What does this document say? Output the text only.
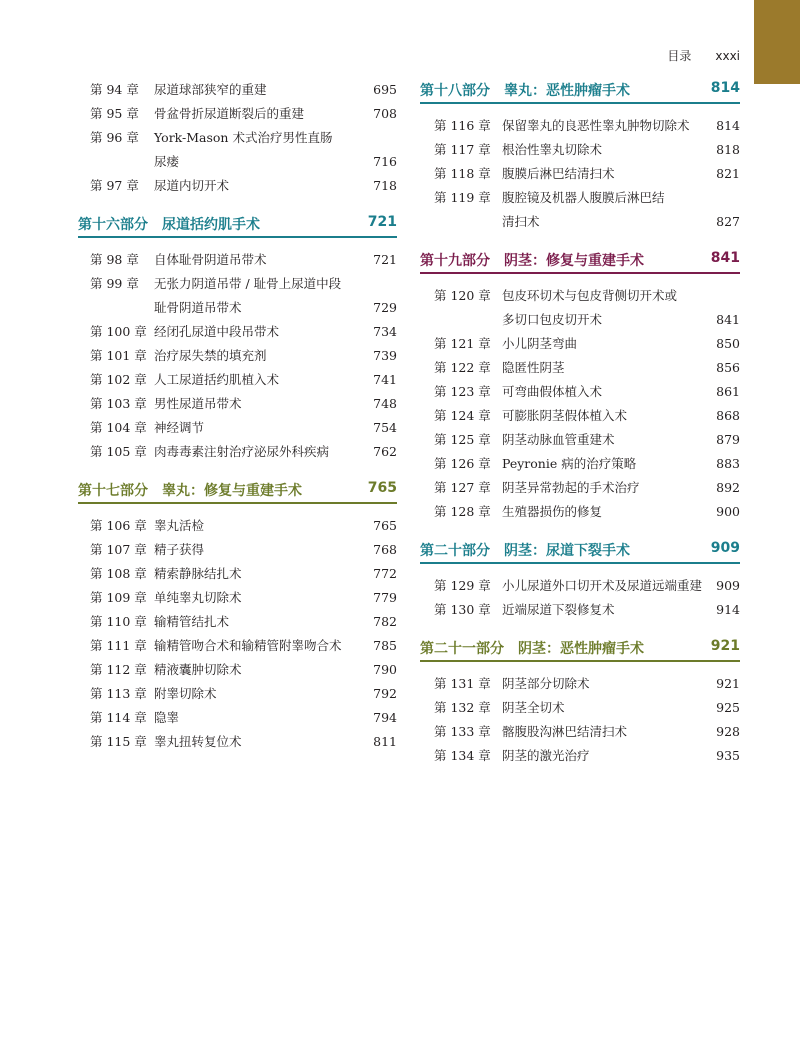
目录 xxxi
第 94 章 尿道球部狭窄的重建	695
第 95 章 骨盆骨折尿道断裂后的重建	708
第 96 章 York-Mason 术式治疗男性直肠
尿瘘	716
第 97 章 尿道内切开术	718
第十六部分　尿道括约肌手术	721
第 98 章 自体耻骨阴道吊带术	721
第 99 章 无张力阴道吊带 / 耻骨上尿道中段
耻骨阴道吊带术	729
第 100 章 经闭孔尿道中段吊带术	734
第 101 章 治疗尿失禁的填充剂	739
第 102 章 人工尿道括约肌植入术	741
第 103 章 男性尿道吊带术	748
第 104 章 神经调节	754
第 105 章 肉毒毒素注射治疗泌尿外科疾病	762
第十七部分　睾丸：修复与重建手术	765
第 106 章 睾丸活检	765
第 107 章 精子获得	768
第 108 章 精索静脉结扎术	772
第 109 章 单纯睾丸切除术	779
第 110 章 输精管结扎术	782
第 111 章 输精管吻合术和输精管附睾吻合术	785
第 112 章 精液囊肿切除术	790
第 113 章 附睾切除术	792
第 114 章 隐睾	794
第 115 章 睾丸扭转复位术	811
第十八部分　睾丸：恶性肿瘤手术	814
第 116 章 保留睾丸的良恶性睾丸肿物切除术	814
第 117 章 根治性睾丸切除术	818
第 118 章 腹膜后淋巴结清扫术	821
第 119 章 腹腔镜及机器人腹膜后淋巴结
清扫术	827
第十九部分　阴茎：修复与重建手术	841
第 120 章 包皮环切术与包皮背侧切开术或
多切口包皮切开术	841
第 121 章 小儿阴茎弯曲	850
第 122 章 隐匿性阴茎	856
第 123 章 可弯曲假体植入术	861
第 124 章 可膨胀阴茎假体植入术	868
第 125 章 阴茎动脉血管重建术	879
第 126 章 Peyronie 病的治疗策略	883
第 127 章 阴茎异常勃起的手术治疗	892
第 128 章 生殖器损伤的修复	900
第二十部分　阴茎：尿道下裂手术	909
第 129 章 小儿尿道外口切开术及尿道远端重建 909
第 130 章 近端尿道下裂修复术	914
第二十一部分　阴茎：恶性肿瘤手术	921
第 131 章 阴茎部分切除术	921
第 132 章 阴茎全切术	925
第 133 章 髂腹股沟淋巴结清扫术	928
第 134 章 阴茎的激光治疗	935
